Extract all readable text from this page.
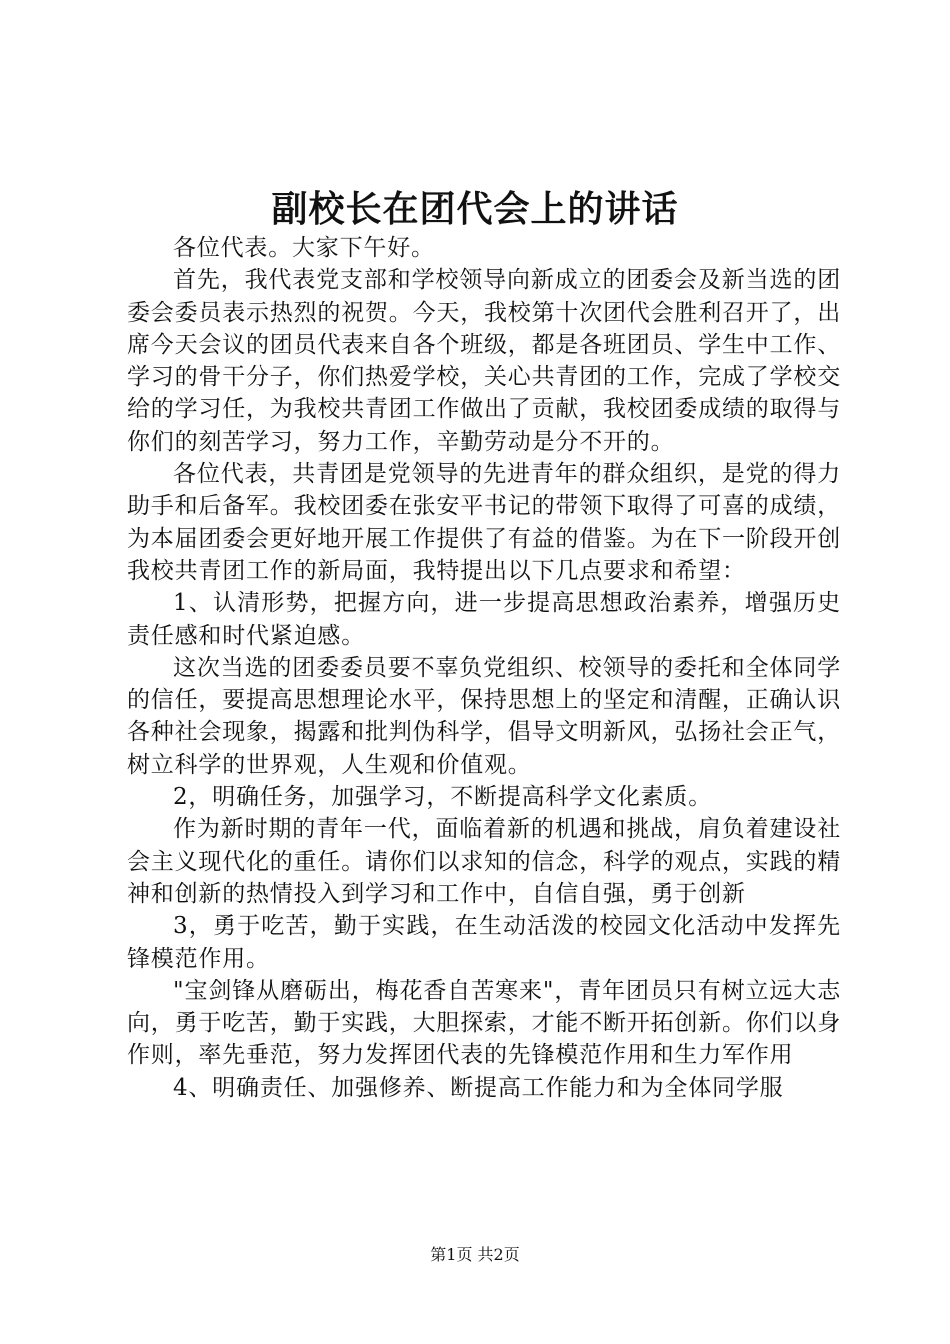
副校长在团代会上的讲话

各位代表。大家下午好。

首先，我代表党支部和学校领导向新成立的团委会及新当选的团委会委员表示热烈的祝贺。今天，我校第十次团代会胜利召开了，出席今天会议的团员代表来自各个班级，都是各班团员、学生中工作、学习的骨干分子，你们热爱学校，关心共青团的工作，完成了学校交给的学习任，为我校共青团工作做出了贡献，我校团委成绩的取得与你们的刻苦学习，努力工作，辛勤劳动是分不开的。

各位代表，共青团是党领导的先进青年的群众组织，是党的得力助手和后备军。我校团委在张安平书记的带领下取得了可喜的成绩，为本届团委会更好地开展工作提供了有益的借鉴。为在下一阶段开创我校共青团工作的新局面，我特提出以下几点要求和希望：

1、认清形势，把握方向，进一步提高思想政治素养，增强历史责任感和时代紧迫感。

这次当选的团委委员要不辜负党组织、校领导的委托和全体同学的信任，要提高思想理论水平，保持思想上的坚定和清醒，正确认识各种社会现象，揭露和批判伪科学，倡导文明新风，弘扬社会正气，树立科学的世界观，人生观和价值观。

2，明确任务，加强学习，不断提高科学文化素质。

作为新时期的青年一代，面临着新的机遇和挑战，肩负着建设社会主义现代化的重任。请你们以求知的信念，科学的观点，实践的精神和创新的热情投入到学习和工作中，自信自强，勇于创新

3，勇于吃苦，勤于实践，在生动活泼的校园文化活动中发挥先锋模范作用。

"宝剑锋从磨砺出，梅花香自苦寒来"，青年团员只有树立远大志向，勇于吃苦，勤于实践，大胆探索，才能不断开拓创新。你们以身作则，率先垂范，努力发挥团代表的先锋模范作用和生力军作用

4、明确责任、加强修养、断提高工作能力和为全体同学服

第1页 共2页
